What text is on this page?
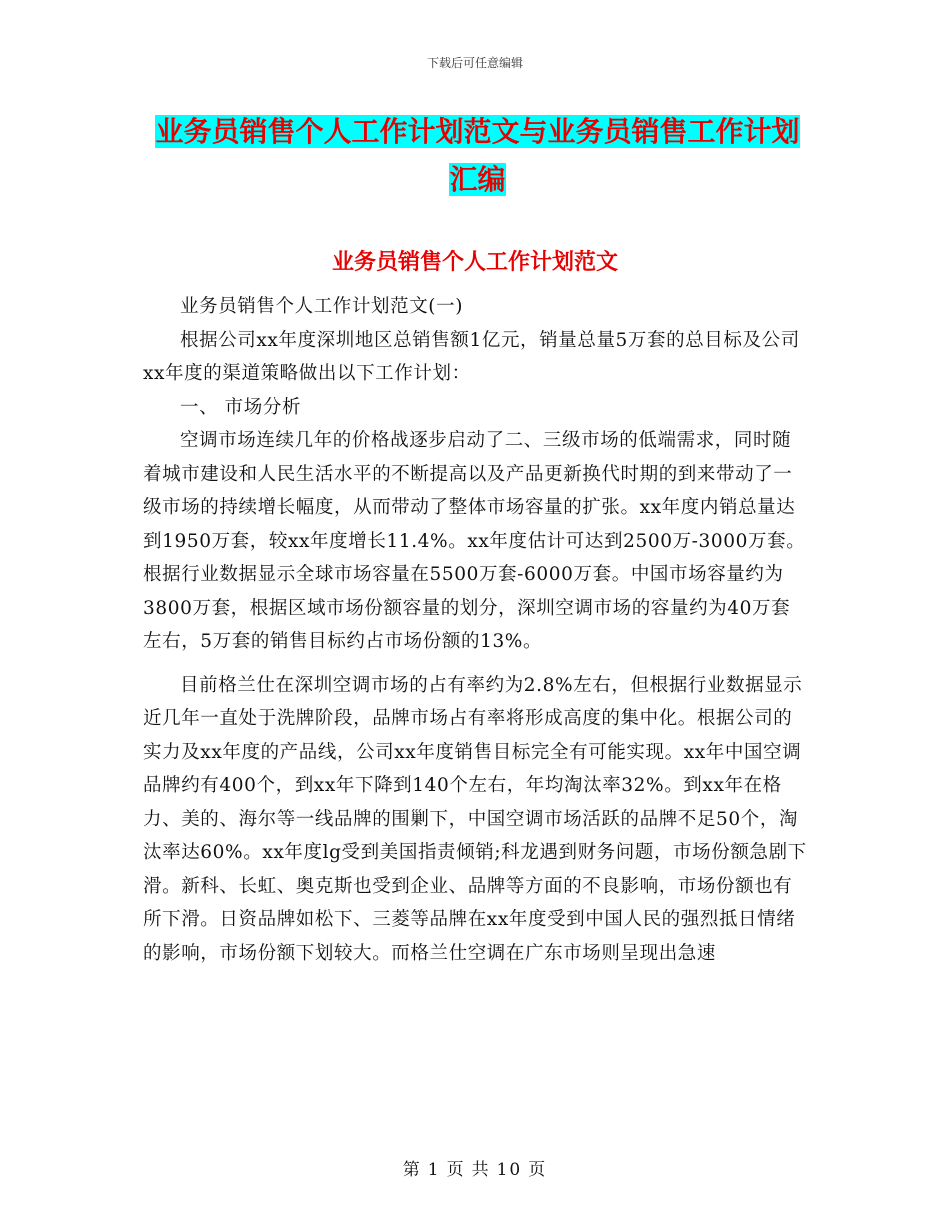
下载后可任意编辑
业务员销售个人工作计划范文与业务员销售工作计划
汇编
业务员销售个人工作计划范文

业务员销售个人工作计划范文(一)

根据公司xx年度深圳地区总销售额1亿元，销量总量5万套的总目标及公司xx年度的渠道策略做出以下工作计划：

一、 市场分析

空调市场连续几年的价格战逐步启动了二、三级市场的低端需求，同时随着城市建设和人民生活水平的不断提高以及产品更新换代时期的到来带动了一级市场的持续增长幅度，从而带动了整体市场容量的扩张。xx年度内销总量达到1950万套，较xx年度增长11.4%。xx年度估计可达到2500万-3000万套。根据行业数据显示全球市场容量在5500万套-6000万套。中国市场容量约为3800万套，根据区域市场份额容量的划分，深圳空调市场的容量约为40万套左右，5万套的销售目标约占市场份额的13%。

目前格兰仕在深圳空调市场的占有率约为2.8%左右，但根据行业数据显示近几年一直处于洗牌阶段，品牌市场占有率将形成高度的集中化。根据公司的实力及xx年度的产品线，公司xx年度销售目标完全有可能实现。xx年中国空调品牌约有400个，到xx年下降到140个左右，年均淘汰率32%。到xx年在格力、美的、海尔等一线品牌的围剿下，中国空调市场活跃的品牌不足50个，淘汰率达60%。xx年度lg受到美国指责倾销;科龙遇到财务问题，市场份额急剧下滑。新科、长虹、奥克斯也受到企业、品牌等方面的不良影响，市场份额也有所下滑。日资品牌如松下、三菱等品牌在xx年度受到中国人民的强烈抵日情绪的影响，市场份额下划较大。而格兰仕空调在广东市场则呈现出急速

第 1 页 共 10 页
